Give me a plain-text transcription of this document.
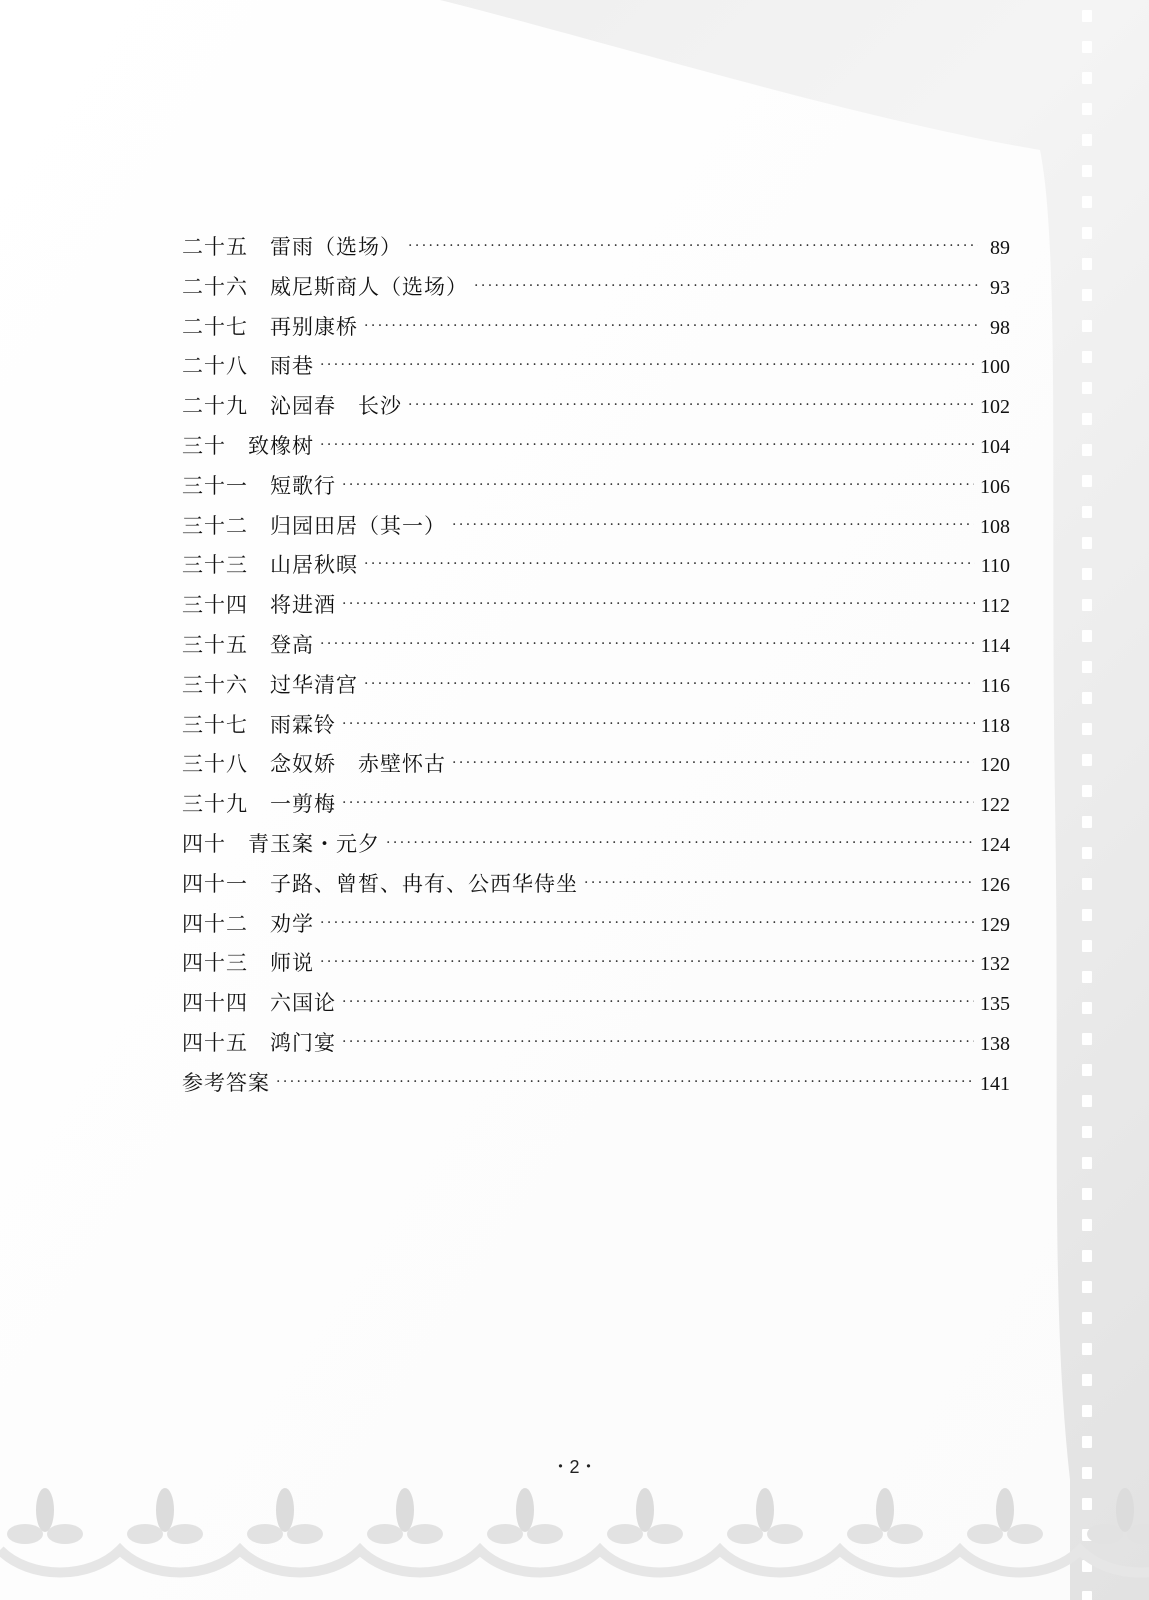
二十五	雷雨（选场） ·····	89
二十六	威尼斯商人（选场） ·····	93
二十七	再别康桥 ·····	98
二十八	雨巷 ·····	100
二十九	沁园春　长沙 ·····	102
三十	致橡树 ·····	104
三十一	短歌行 ·····	106
三十二	归园田居（其一） ·····	108
三十三	山居秋暝 ·····	110
三十四	将进酒 ·····	112
三十五	登高 ·····	114
三十六	过华清宫 ·····	116
三十七	雨霖铃 ·····	118
三十八	念奴娇　赤壁怀古 ·····	120
三十九	一剪梅 ·····	122
四十	青玉案・元夕 ·····	124
四十一	子路、曾皙、冉有、公西华侍坐 ·····	126
四十二	劝学 ·····	129
四十三	师说 ·····	132
四十四	六国论 ·····	135
四十五	鸿门宴 ·····	138
参考答案 ·····	141
・2・
